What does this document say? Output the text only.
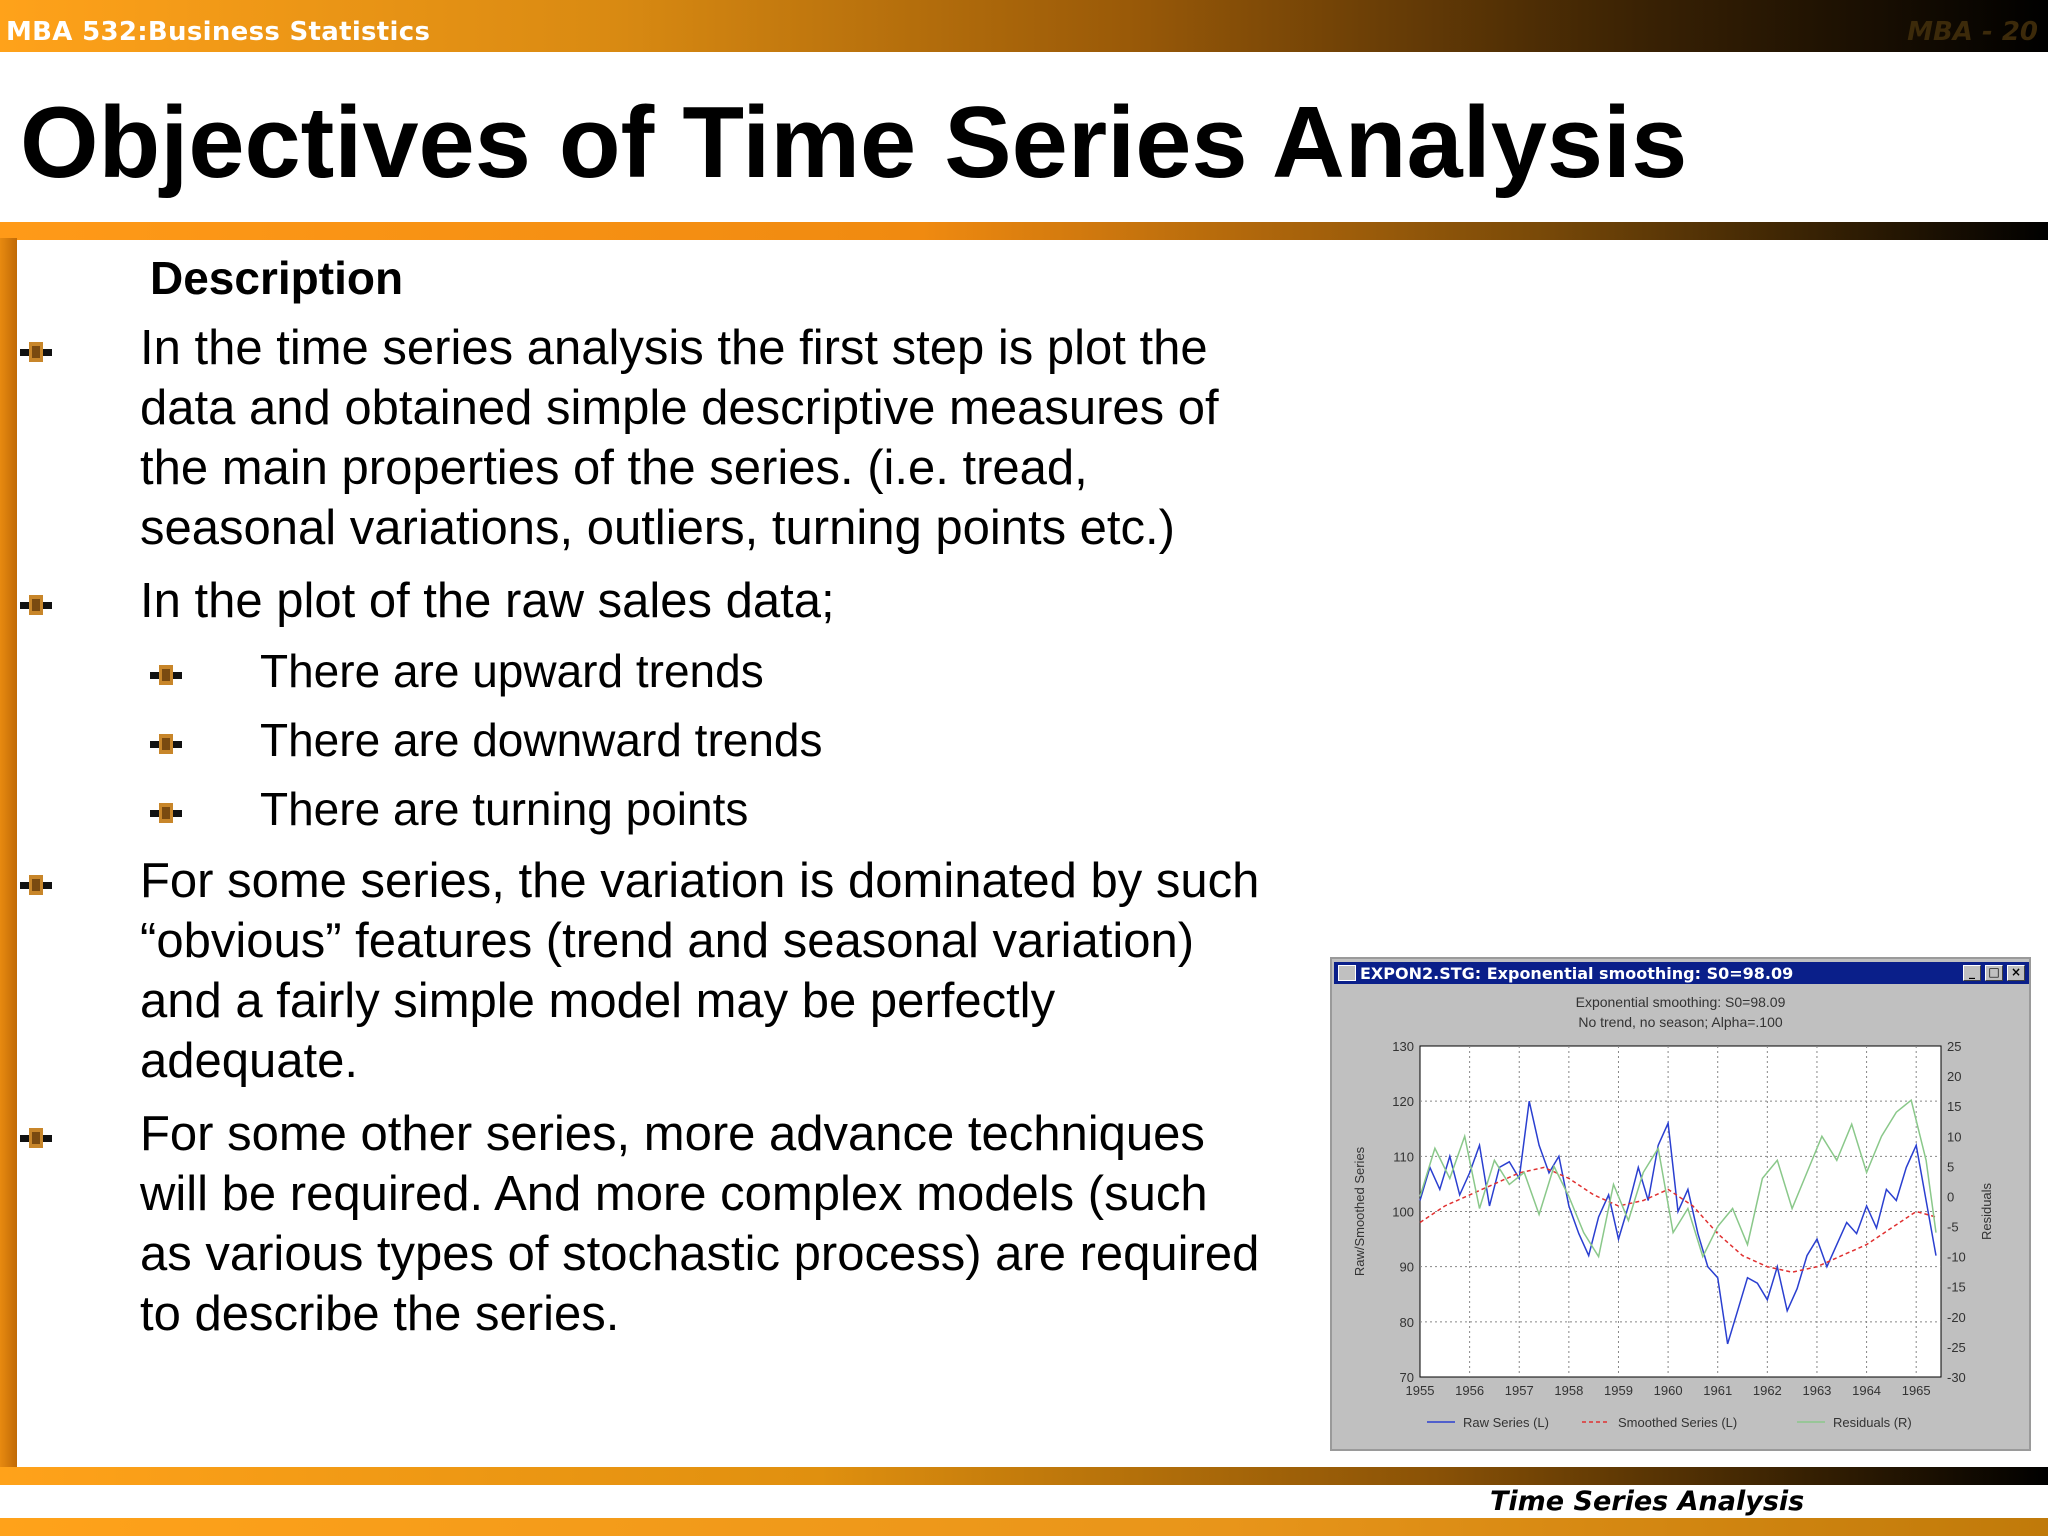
MBA 532:Business Statistics	MBA - 20
Objectives of Time Series Analysis
Description
In the time series analysis the first step is plot the
data and obtained simple descriptive measures of
the main properties of the series. (i.e. tread,
seasonal variations, outliers, turning points etc.)
In the plot of the raw sales data;
There are upward trends
There are downward trends
There are turning points
For some series, the variation is dominated by such
“obvious” features (trend and seasonal variation)
and a fairly simple model may be perfectly
adequate.
For some other series, more advance techniques
will be required. And more complex models (such
as various types of stochastic process) are required
to describe the series.
EXPON2.STG: Exponential smoothing: S0=98.09	_	□ ×
Exponential smoothing: S0=98.09
No trend, no season; Alpha=.100
130
120
110
100
90
80
70
25
20
15
10
5
0
-5
-10
-15
-20
-25
-30
1955 1956 1957 1958 1959 1960 1961 1962 1963 1964 1965
Raw/Smoothed Series	Residuals
Raw Series (L)	Smoothed Series (L)	Residuals (R)
Time Series Analysis
